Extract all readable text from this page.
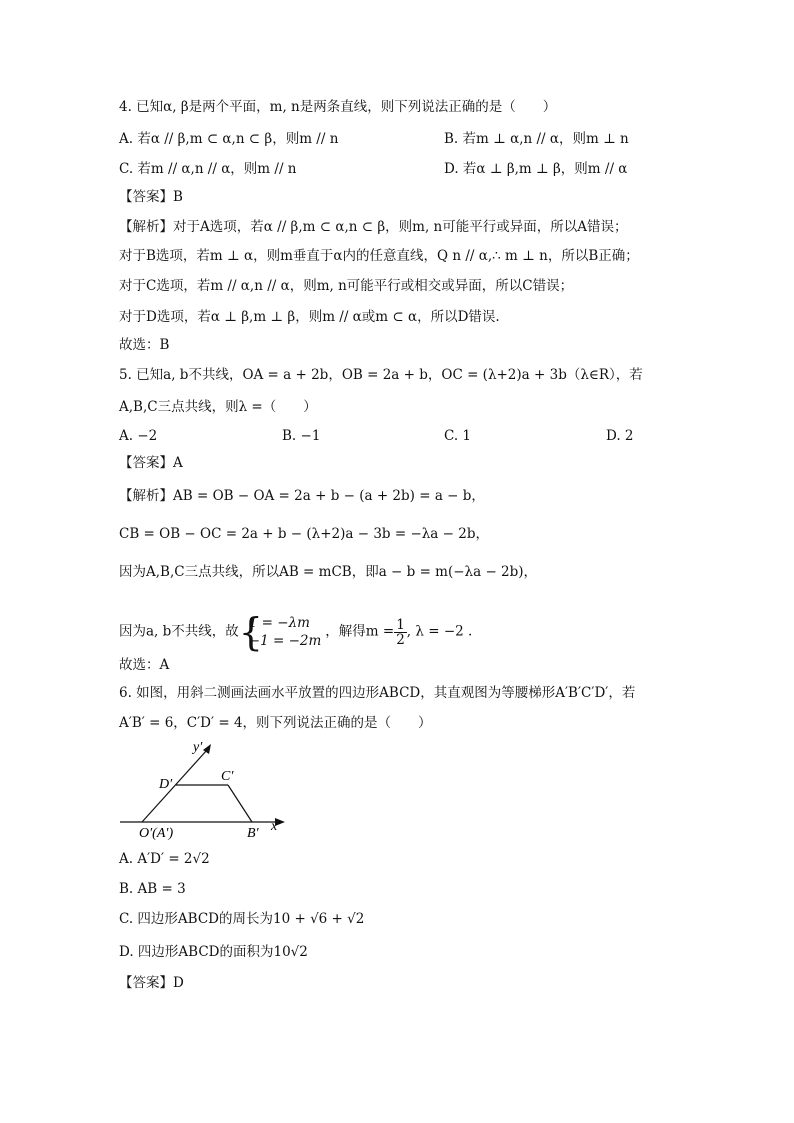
4. 已知α, β是两个平面，m, n是两条直线，则下列说法正确的是（　　）
A. 若α // β,m ⊂ α,n ⊂ β，则m // n	B. 若m ⊥ α,n // α，则m ⊥ n
C. 若m // α,n // α，则m // n	D. 若α ⊥ β,m ⊥ β，则m // α
【答案】B
【解析】对于A选项，若α // β,m ⊂ α,n ⊂ β，则m, n可能平行或异面，所以A错误；
对于B选项，若m ⊥ α，则m垂直于α内的任意直线，Q n // α,∴ m ⊥ n，所以B正确；
对于C选项，若m // α,n // α，则m, n可能平行或相交或异面，所以C错误；
对于D选项，若α ⊥ β,m ⊥ β，则m // α或m ⊂ α，所以D错误.
故选：B
5. 已知a, b不共线，OA = a + 2b，OB = 2a + b，OC = (λ+2)a + 3b（λ∈R），若
A,B,C三点共线，则λ =（　　）
A. −2	B. −1	C. 1	D. 2
【答案】A
【解析】AB = OB − OA = 2a + b − (a + 2b) = a − b，
CB = OB − OC = 2a + b − (λ+2)a − 3b = −λa − 2b，
因为A,B,C三点共线，所以AB = mCB，即a − b = m(−λa − 2b)，
因为a, b不共线，故 {
1 = −λm
−1 = −2m
，解得$m = \frac{1}{2}$ , λ = −2 .
故选：A
6. 如图，用斜二测画法画水平放置的四边形ABCD，其直观图为等腰梯形A′B′C′D′，若
A′B′ = 6，C′D′ = 4，则下列说法正确的是（　　）
y′
x′
D′
C′
B′
O′(A′)
A. A′D′ = 2√2
B. AB = 3
C. 四边形ABCD的周长为10 + √6 + √2
D. 四边形ABCD的面积为10√2
【答案】D
